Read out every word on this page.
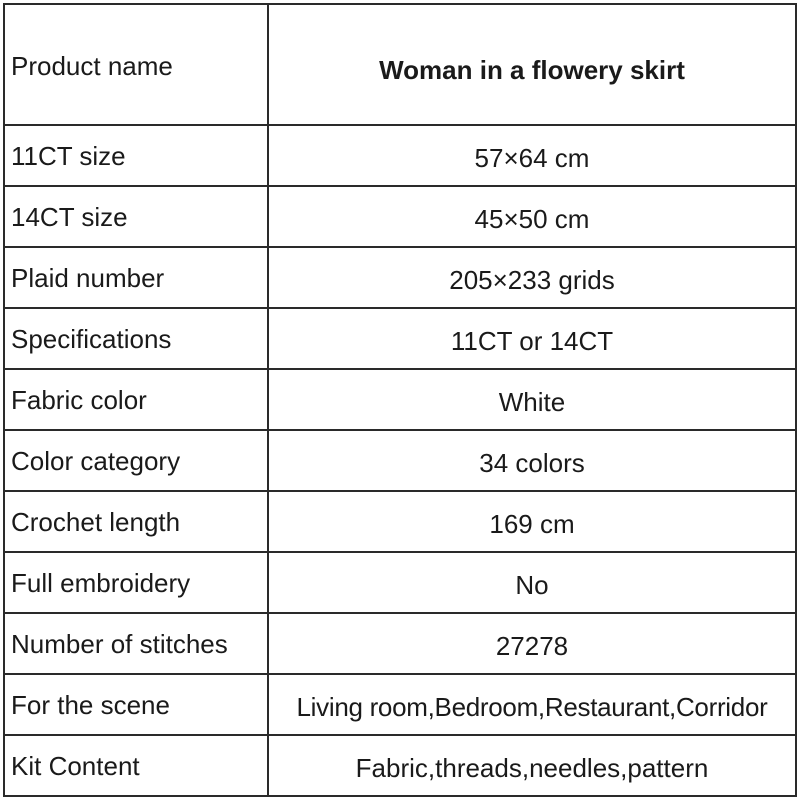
Product name	Woman in a flowery skirt
11CT size	57×64 cm
14CT size	45×50 cm
Plaid number	205×233 grids
Specifications	11CT or 14CT
Fabric color	White
Color category	34 colors
Crochet length	169 cm
Full embroidery	No
Number of stitches	27278
For the scene	Living room,Bedroom,Restaurant,Corridor
Kit Content	Fabric,threads,needles,pattern
